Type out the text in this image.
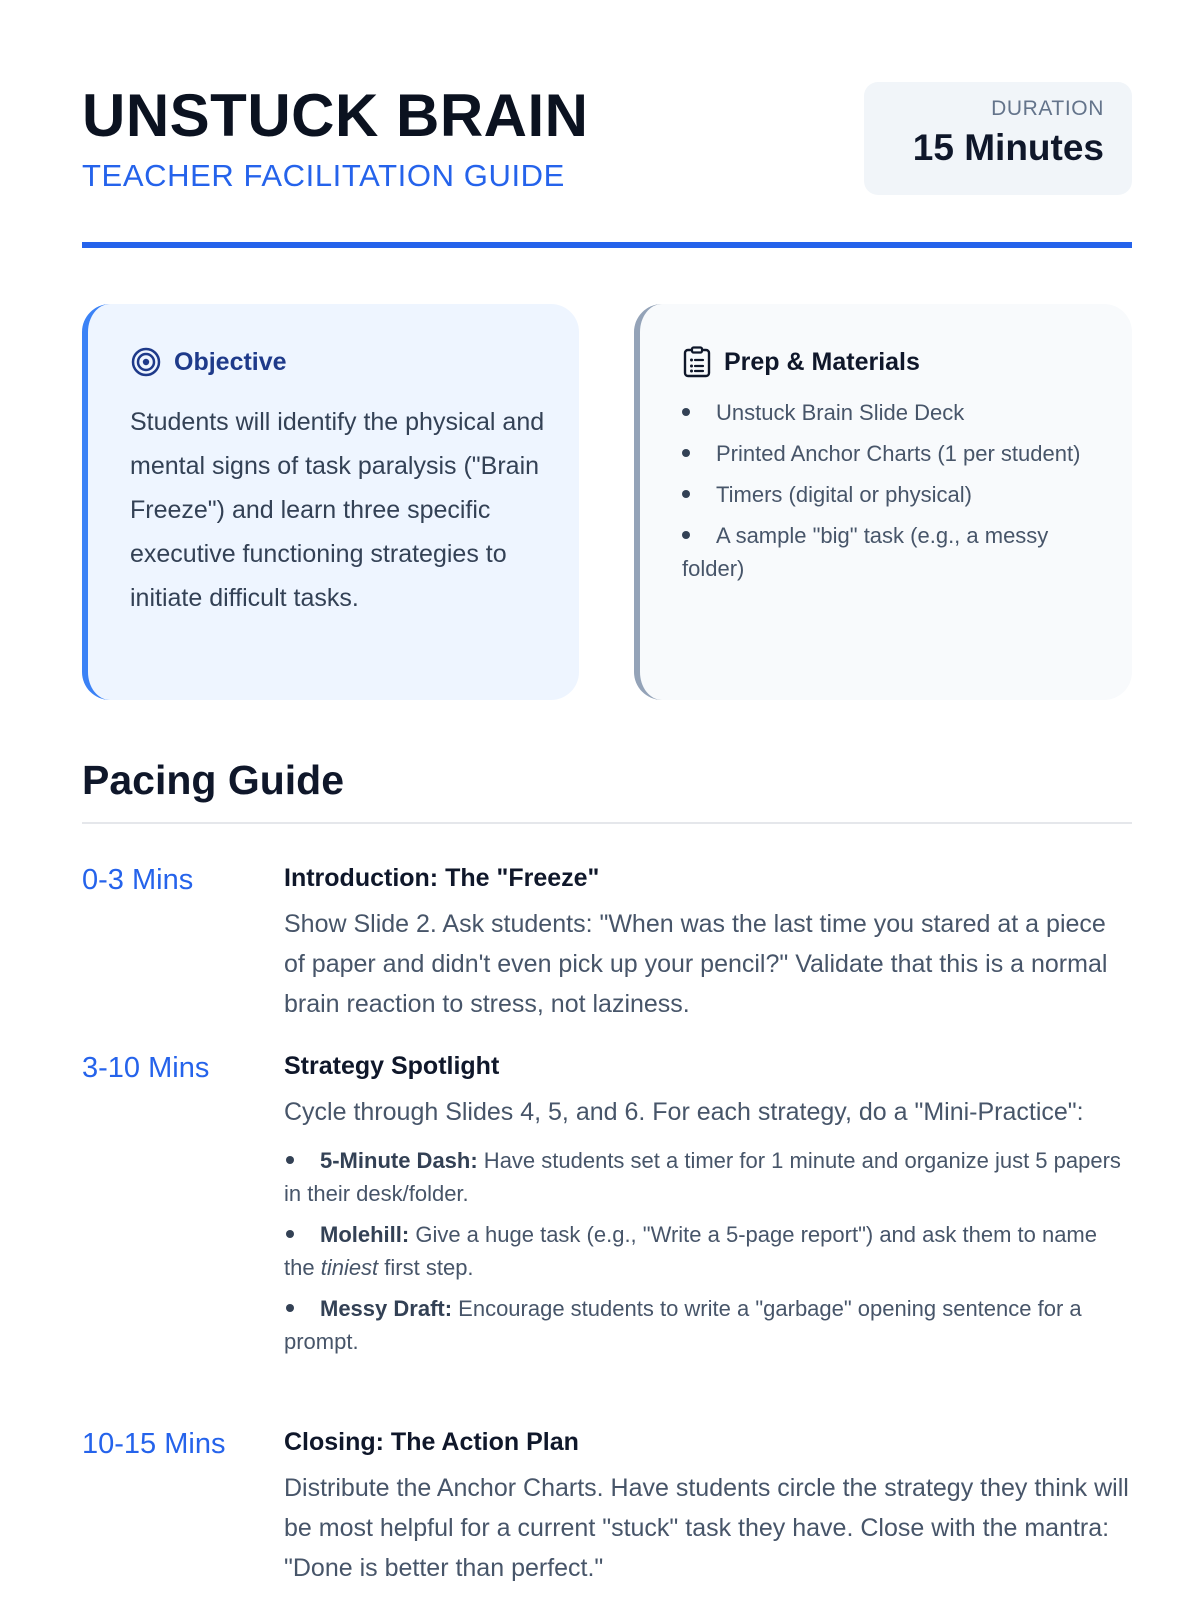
UNSTUCK BRAIN
TEACHER FACILITATION GUIDE
DURATION
15 Minutes
Objective
Students will identify the physical and mental signs of task paralysis ("Brain Freeze") and learn three specific executive functioning strategies to initiate difficult tasks.
Prep & Materials
Unstuck Brain Slide Deck
Printed Anchor Charts (1 per student)
Timers (digital or physical)
A sample "big" task (e.g., a messy folder)
Pacing Guide
0-3 Mins	Introduction: The "Freeze"
Show Slide 2. Ask students: "When was the last time you stared at a piece of paper and didn't even pick up your pencil?" Validate that this is a normal brain reaction to stress, not laziness.
3-10 Mins	Strategy Spotlight
Cycle through Slides 4, 5, and 6. For each strategy, do a "Mini-Practice":
5-Minute Dash: Have students set a timer for 1 minute and organize just 5 papers in their desk/folder.
Molehill: Give a huge task (e.g., "Write a 5-page report") and ask them to name the tiniest first step.
Messy Draft: Encourage students to write a "garbage" opening sentence for a prompt.
10-15 Mins Closing: The Action Plan
Distribute the Anchor Charts. Have students circle the strategy they think will be most helpful for a current "stuck" task they have. Close with the mantra: "Done is better than perfect."
